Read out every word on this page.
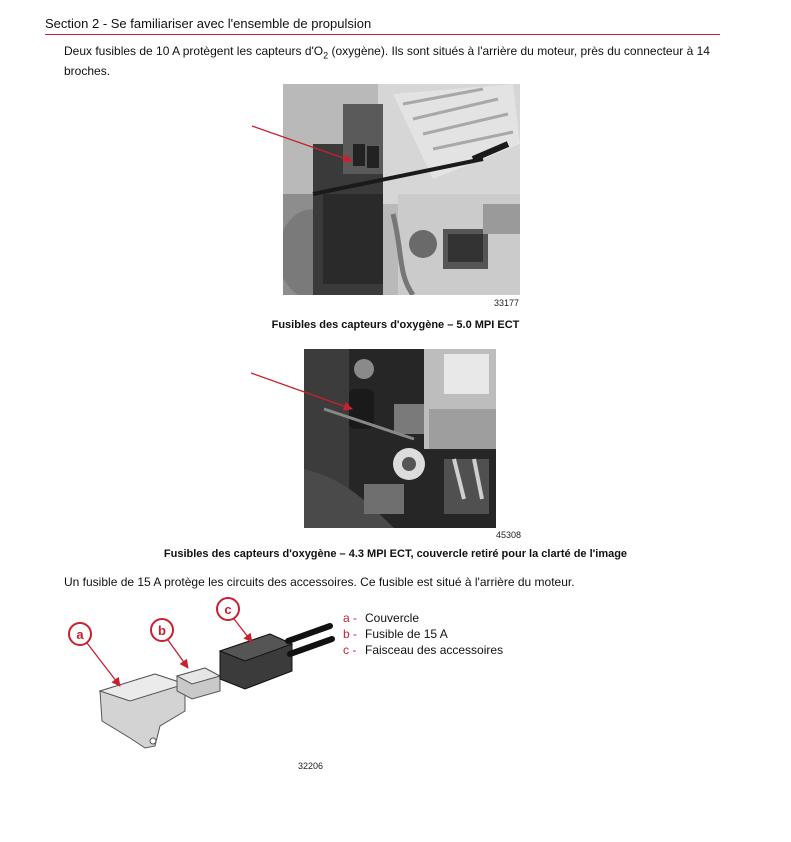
Section 2 - Se familiariser avec l'ensemble de propulsion
Deux fusibles de 10 A protègent les capteurs $d'O_2$ (oxygène). Ils sont situés à l'arrière du moteur, près du connecteur à 14 broches.
33177
Fusibles des capteurs d'oxygène – 5.0 MPI ECT
45308
Fusibles des capteurs d'oxygène – 4.3 MPI ECT, couvercle retiré pour la clarté de l'image
Un fusible de 15 A protège les circuits des accessoires. Ce fusible est situé à l'arrière du moteur.
a	b
c
32206
a - Couvercle
b - Fusible de 15 A
c - Faisceau des accessoires
